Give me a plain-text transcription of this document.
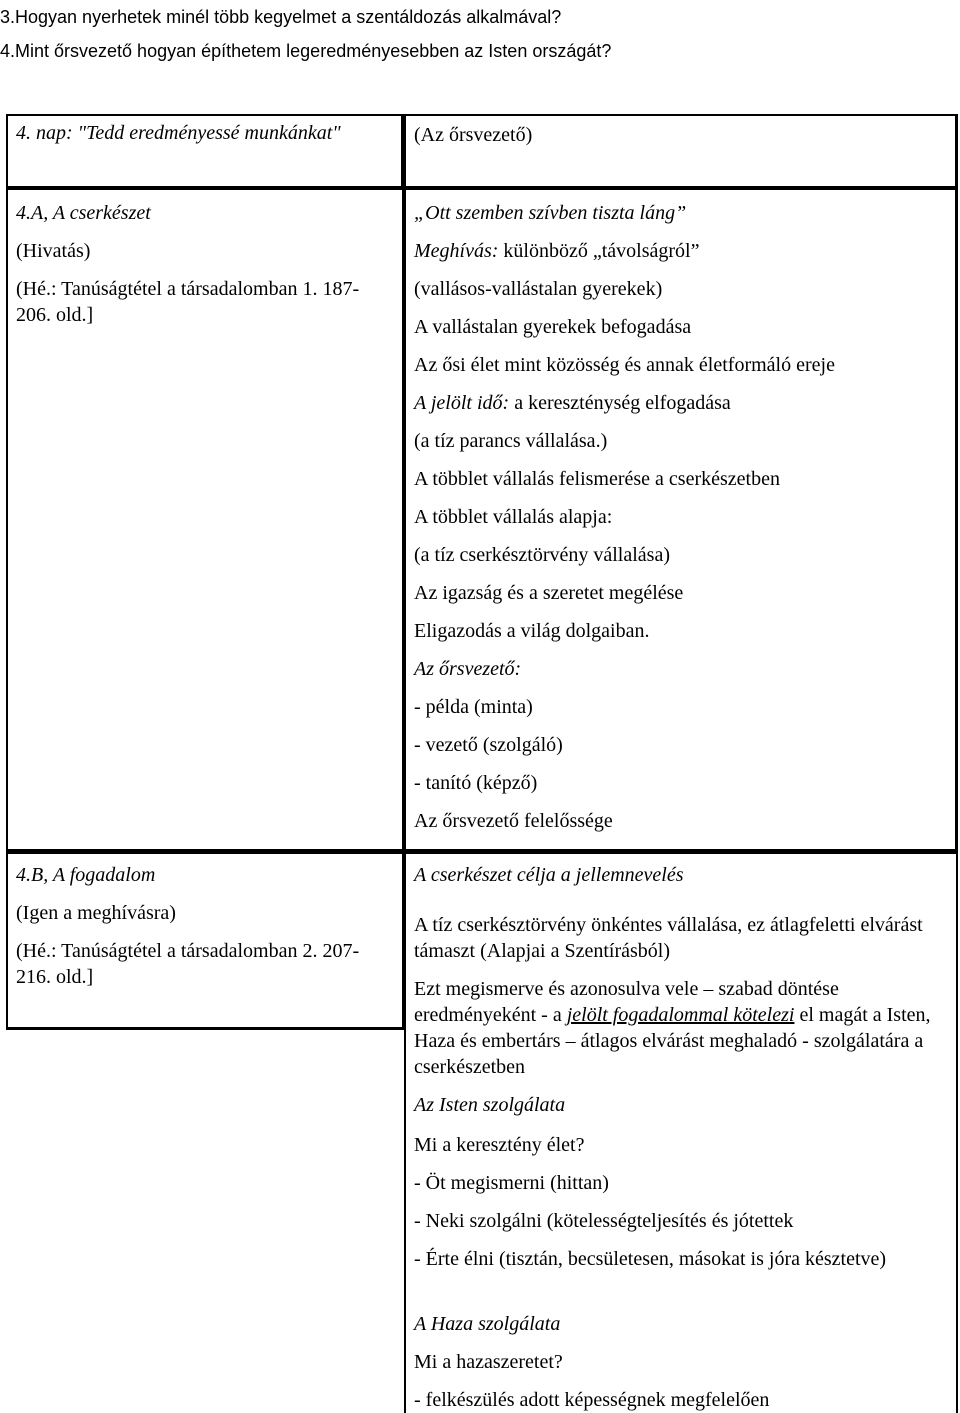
3.Hogyan nyerhetek minél több kegyelmet a szentáldozás alkalmával?
4.Mint őrsvezető hogyan építhetem legeredményesebben az Isten országát?
4. nap: "Tedd eredményessé munkánkat"	(Az őrsvezető)
4.A, A cserkészet
(Hivatás)
(Hé.: Tanúságtétel a társadalomban 1. 187-206. old.]
„Ott szemben szívben tiszta láng”
Meghívás: különböző „távolságról”
(vallásos-vallástalan gyerekek)
A vallástalan gyerekek befogadása
Az ősi élet mint közösség és annak életformáló ereje
A jelölt idő: a kereszténység elfogadása
(a tíz parancs vállalása.)
A többlet vállalás felismerése a cserkészetben
A többlet vállalás alapja:
(a tíz cserkésztörvény vállalása)
Az igazság és a szeretet megélése
Eligazodás a világ dolgaiban.
Az őrsvezető:
- példa (minta)
- vezető (szolgáló)
- tanító (képző)
Az őrsvezető felelőssége
4.B, A fogadalom
(Igen a meghívásra)
(Hé.: Tanúságtétel a társadalomban 2. 207-216. old.]
A cserkészet célja a jellemnevelés
A tíz cserkésztörvény önkéntes vállalása, ez átlagfeletti elvárást támaszt (Alapjai a Szentírásból)
Ezt megismerve és azonosulva vele – szabad döntése eredményeként - a jelölt fogadalommal kötelezi el magát a Isten, Haza és embertárs – átlagos elvárást meghaladó - szolgálatára a cserkészetben
Az Isten szolgálata
Mi a keresztény élet?
- Öt megismerni (hittan)
- Neki szolgálni (kötelességteljesítés és jótettek
- Érte élni (tisztán, becsületesen, másokat is jóra késztetve)
A Haza szolgálata
Mi a hazaszeretet?
- felkészülés adott képességnek megfelelően
